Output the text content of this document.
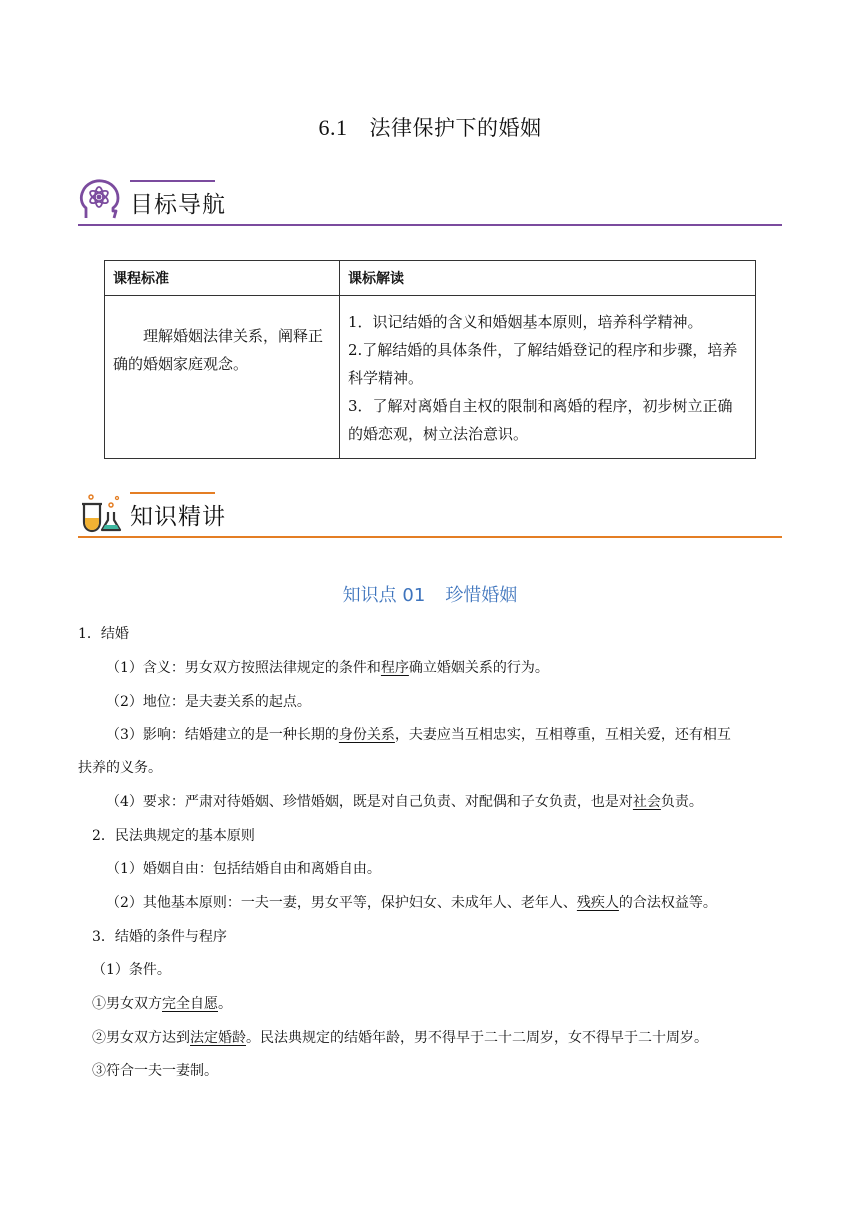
6.1 法律保护下的婚姻
目标导航
课程标准	课标解读

理解婚姻法律关系，阐释正确的婚姻家庭观念。	1．识记结婚的含义和婚姻基本原则，培养科学精神。
2.了解结婚的具体条件，了解结婚登记的程序和步骤，培养科学精神。
3．了解对离婚自主权的限制和离婚的程序，初步树立正确的婚恋观，树立法治意识。
知识精讲
知识点 01 珍惜婚姻
1．结婚
（1）含义：男女双方按照法律规定的条件和程序确立婚姻关系的行为。
（2）地位：是夫妻关系的起点。
（3）影响：结婚建立的是一种长期的身份关系，夫妻应当互相忠实，互相尊重，互相关爱，还有相互
扶养的义务。
（4）要求：严肃对待婚姻、珍惜婚姻，既是对自己负责、对配偶和子女负责，也是对社会负责。
2．民法典规定的基本原则
（1）婚姻自由：包括结婚自由和离婚自由。
（2）其他基本原则：一夫一妻，男女平等，保护妇女、未成年人、老年人、残疾人的合法权益等。
3．结婚的条件与程序
（1）条件。
①男女双方完全自愿。
②男女双方达到法定婚龄。民法典规定的结婚年龄，男不得早于二十二周岁，女不得早于二十周岁。
③符合一夫一妻制。
